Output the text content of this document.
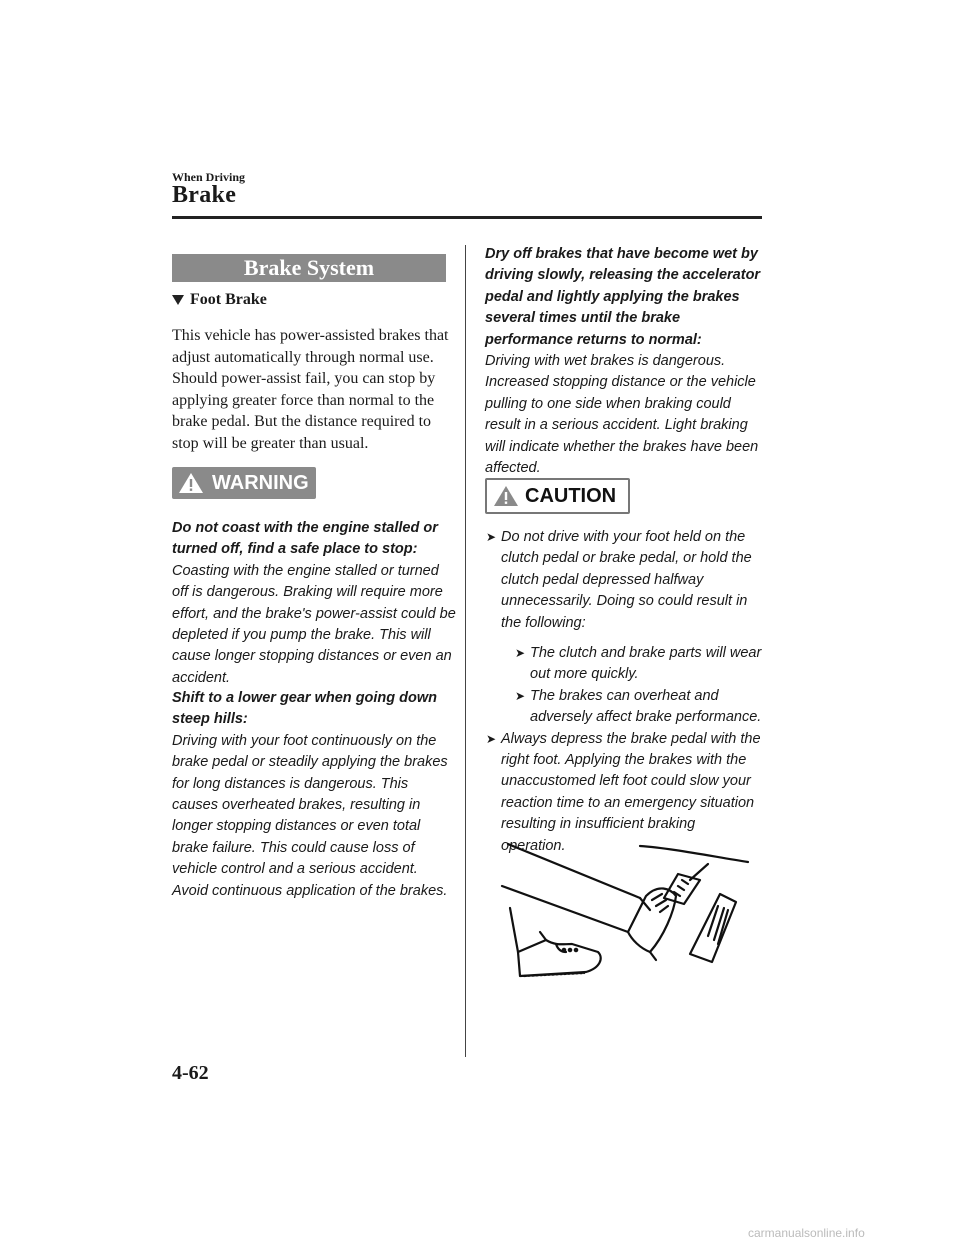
When Driving
Brake
Brake System
Foot Brake

This vehicle has power-assisted brakes that adjust automatically through normal use.
Should power-assist fail, you can stop by applying greater force than normal to the brake pedal. But the distance required to stop will be greater than usual.

WARNING
Do not coast with the engine stalled or turned off, find a safe place to stop:

Coasting with the engine stalled or turned off is dangerous. Braking will require more effort, and the brake's power-assist could be depleted if you pump the brake. This will cause longer stopping distances or even an accident.

Shift to a lower gear when going down steep hills:

Driving with your foot continuously on the brake pedal or steadily applying the brakes for long distances is dangerous. This causes overheated brakes, resulting in longer stopping distances or even total brake failure. This could cause loss of vehicle control and a serious accident. Avoid continuous application of the brakes.

Dry off brakes that have become wet by driving slowly, releasing the accelerator pedal and lightly applying the brakes several times until the brake performance returns to normal:

Driving with wet brakes is dangerous. Increased stopping distance or the vehicle pulling to one side when braking could result in a serious accident. Light braking will indicate whether the brakes have been affected.

CAUTION
➤ Do not drive with your foot held on the clutch pedal or brake pedal, or hold the clutch pedal depressed halfway unnecessarily. Doing so could result in the following:
➤ The clutch and brake parts will wear out more quickly.
➤ The brakes can overheat and adversely affect brake performance.
➤ Always depress the brake pedal with the right foot. Applying the brakes with the unaccustomed left foot could slow your reaction time to an emergency situation resulting in insufficient braking operation.
4-62
carmanualsonline.info
